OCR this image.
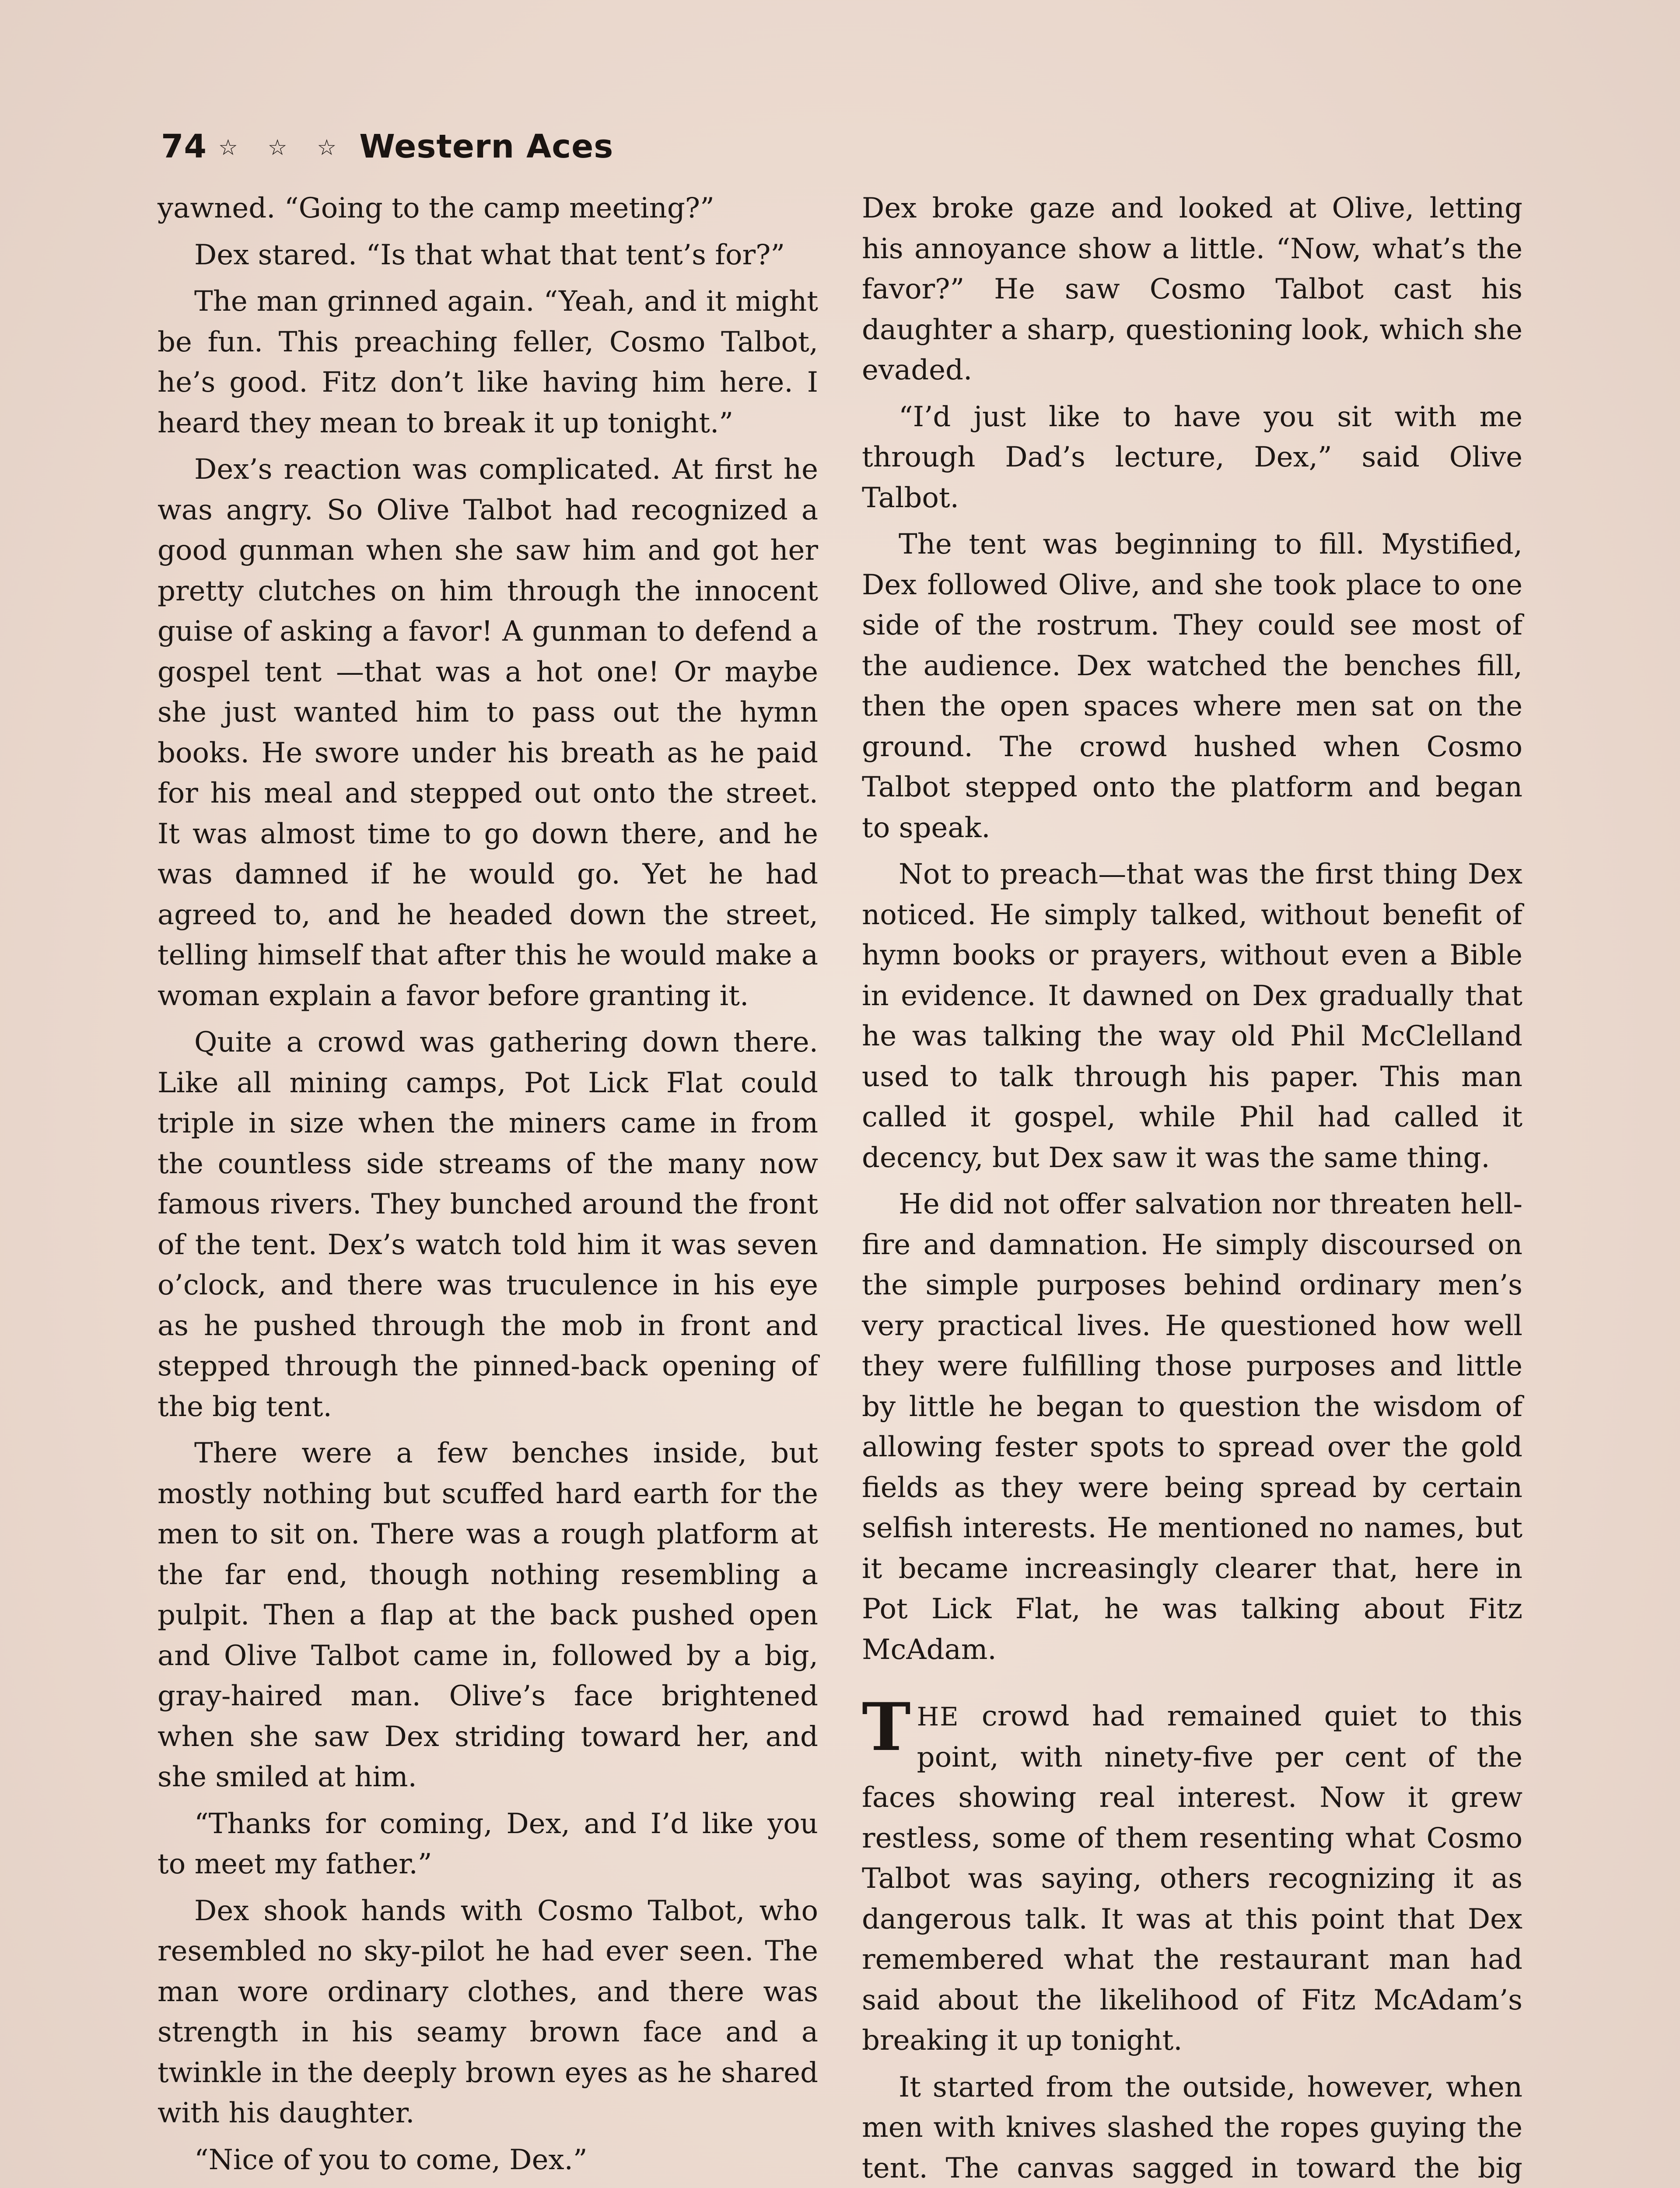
74 ☆ ☆ ☆ Western Aces

yawned. “Going to the camp meeting?”

Dex stared. “Is that what that tent’s for?”

The man grinned again. “Yeah, and it might be fun. This preaching feller, Cosmo Talbot, he’s good. Fitz don’t like having him here. I heard they mean to break it up tonight.”

Dex’s reaction was complicated. At first he was angry. So Olive Talbot had recognized a good gunman when she saw him and got her pretty clutches on him through the innocent guise of asking a favor! A gunman to defend a gospel tent —that was a hot one! Or maybe she just wanted him to pass out the hymn books. He swore under his breath as he paid for his meal and stepped out onto the street. It was almost time to go down there, and he was damned if he would go. Yet he had agreed to, and he headed down the street, telling himself that after this he would make a woman explain a favor before granting it.

Quite a crowd was gathering down there. Like all mining camps, Pot Lick Flat could triple in size when the miners came in from the countless side streams of the many now famous rivers. They bunched around the front of the tent. Dex’s watch told him it was seven o’clock, and there was truculence in his eye as he pushed through the mob in front and stepped through the pinned-back opening of the big tent.

There were a few benches inside, but mostly nothing but scuffed hard earth for the men to sit on. There was a rough platform at the far end, though nothing resembling a pulpit. Then a flap at the back pushed open and Olive Talbot came in, followed by a big, gray-haired man. Olive’s face brightened when she saw Dex striding toward her, and she smiled at him.

“Thanks for coming, Dex, and I’d like you to meet my father.”

Dex shook hands with Cosmo Talbot, who resembled no sky-pilot he had ever seen. The man wore ordinary clothes, and there was strength in his seamy brown face and a twinkle in the deeply brown eyes as he shared with his daughter.

“Nice of you to come, Dex.”

Dex broke gaze and looked at Olive, letting his annoyance show a little. “Now, what’s the favor?” He saw Cosmo Talbot cast his daughter a sharp, questioning look, which she evaded.

“I’d just like to have you sit with me through Dad’s lecture, Dex,” said Olive Talbot.

The tent was beginning to fill. Mystified, Dex followed Olive, and she took place to one side of the rostrum. They could see most of the audience. Dex watched the benches fill, then the open spaces where men sat on the ground. The crowd hushed when Cosmo Talbot stepped onto the platform and began to speak.

Not to preach—that was the first thing Dex noticed. He simply talked, without benefit of hymn books or prayers, without even a Bible in evidence. It dawned on Dex gradually that he was talking the way old Phil McClelland used to talk through his paper. This man called it gospel, while Phil had called it decency, but Dex saw it was the same thing.

He did not offer salvation nor threaten hell-fire and damnation. He simply discoursed on the simple purposes behind ordinary men’s very practical lives. He questioned how well they were fulfilling those purposes and little by little he began to question the wisdom of allowing fester spots to spread over the gold fields as they were being spread by certain selfish interests. He mentioned no names, but it became increasingly clearer that, here in Pot Lick Flat, he was talking about Fitz McAdam.

THE crowd had remained quiet to this point, with ninety-five per cent of the faces showing real interest. Now it grew restless, some of them resenting what Cosmo Talbot was saying, others recognizing it as dangerous talk. It was at this point that Dex remembered what the restaurant man had said about the likelihood of Fitz McAdam’s breaking it up tonight.

It started from the outside, however, when men with knives slashed the ropes guying the tent. The canvas sagged in toward the big
